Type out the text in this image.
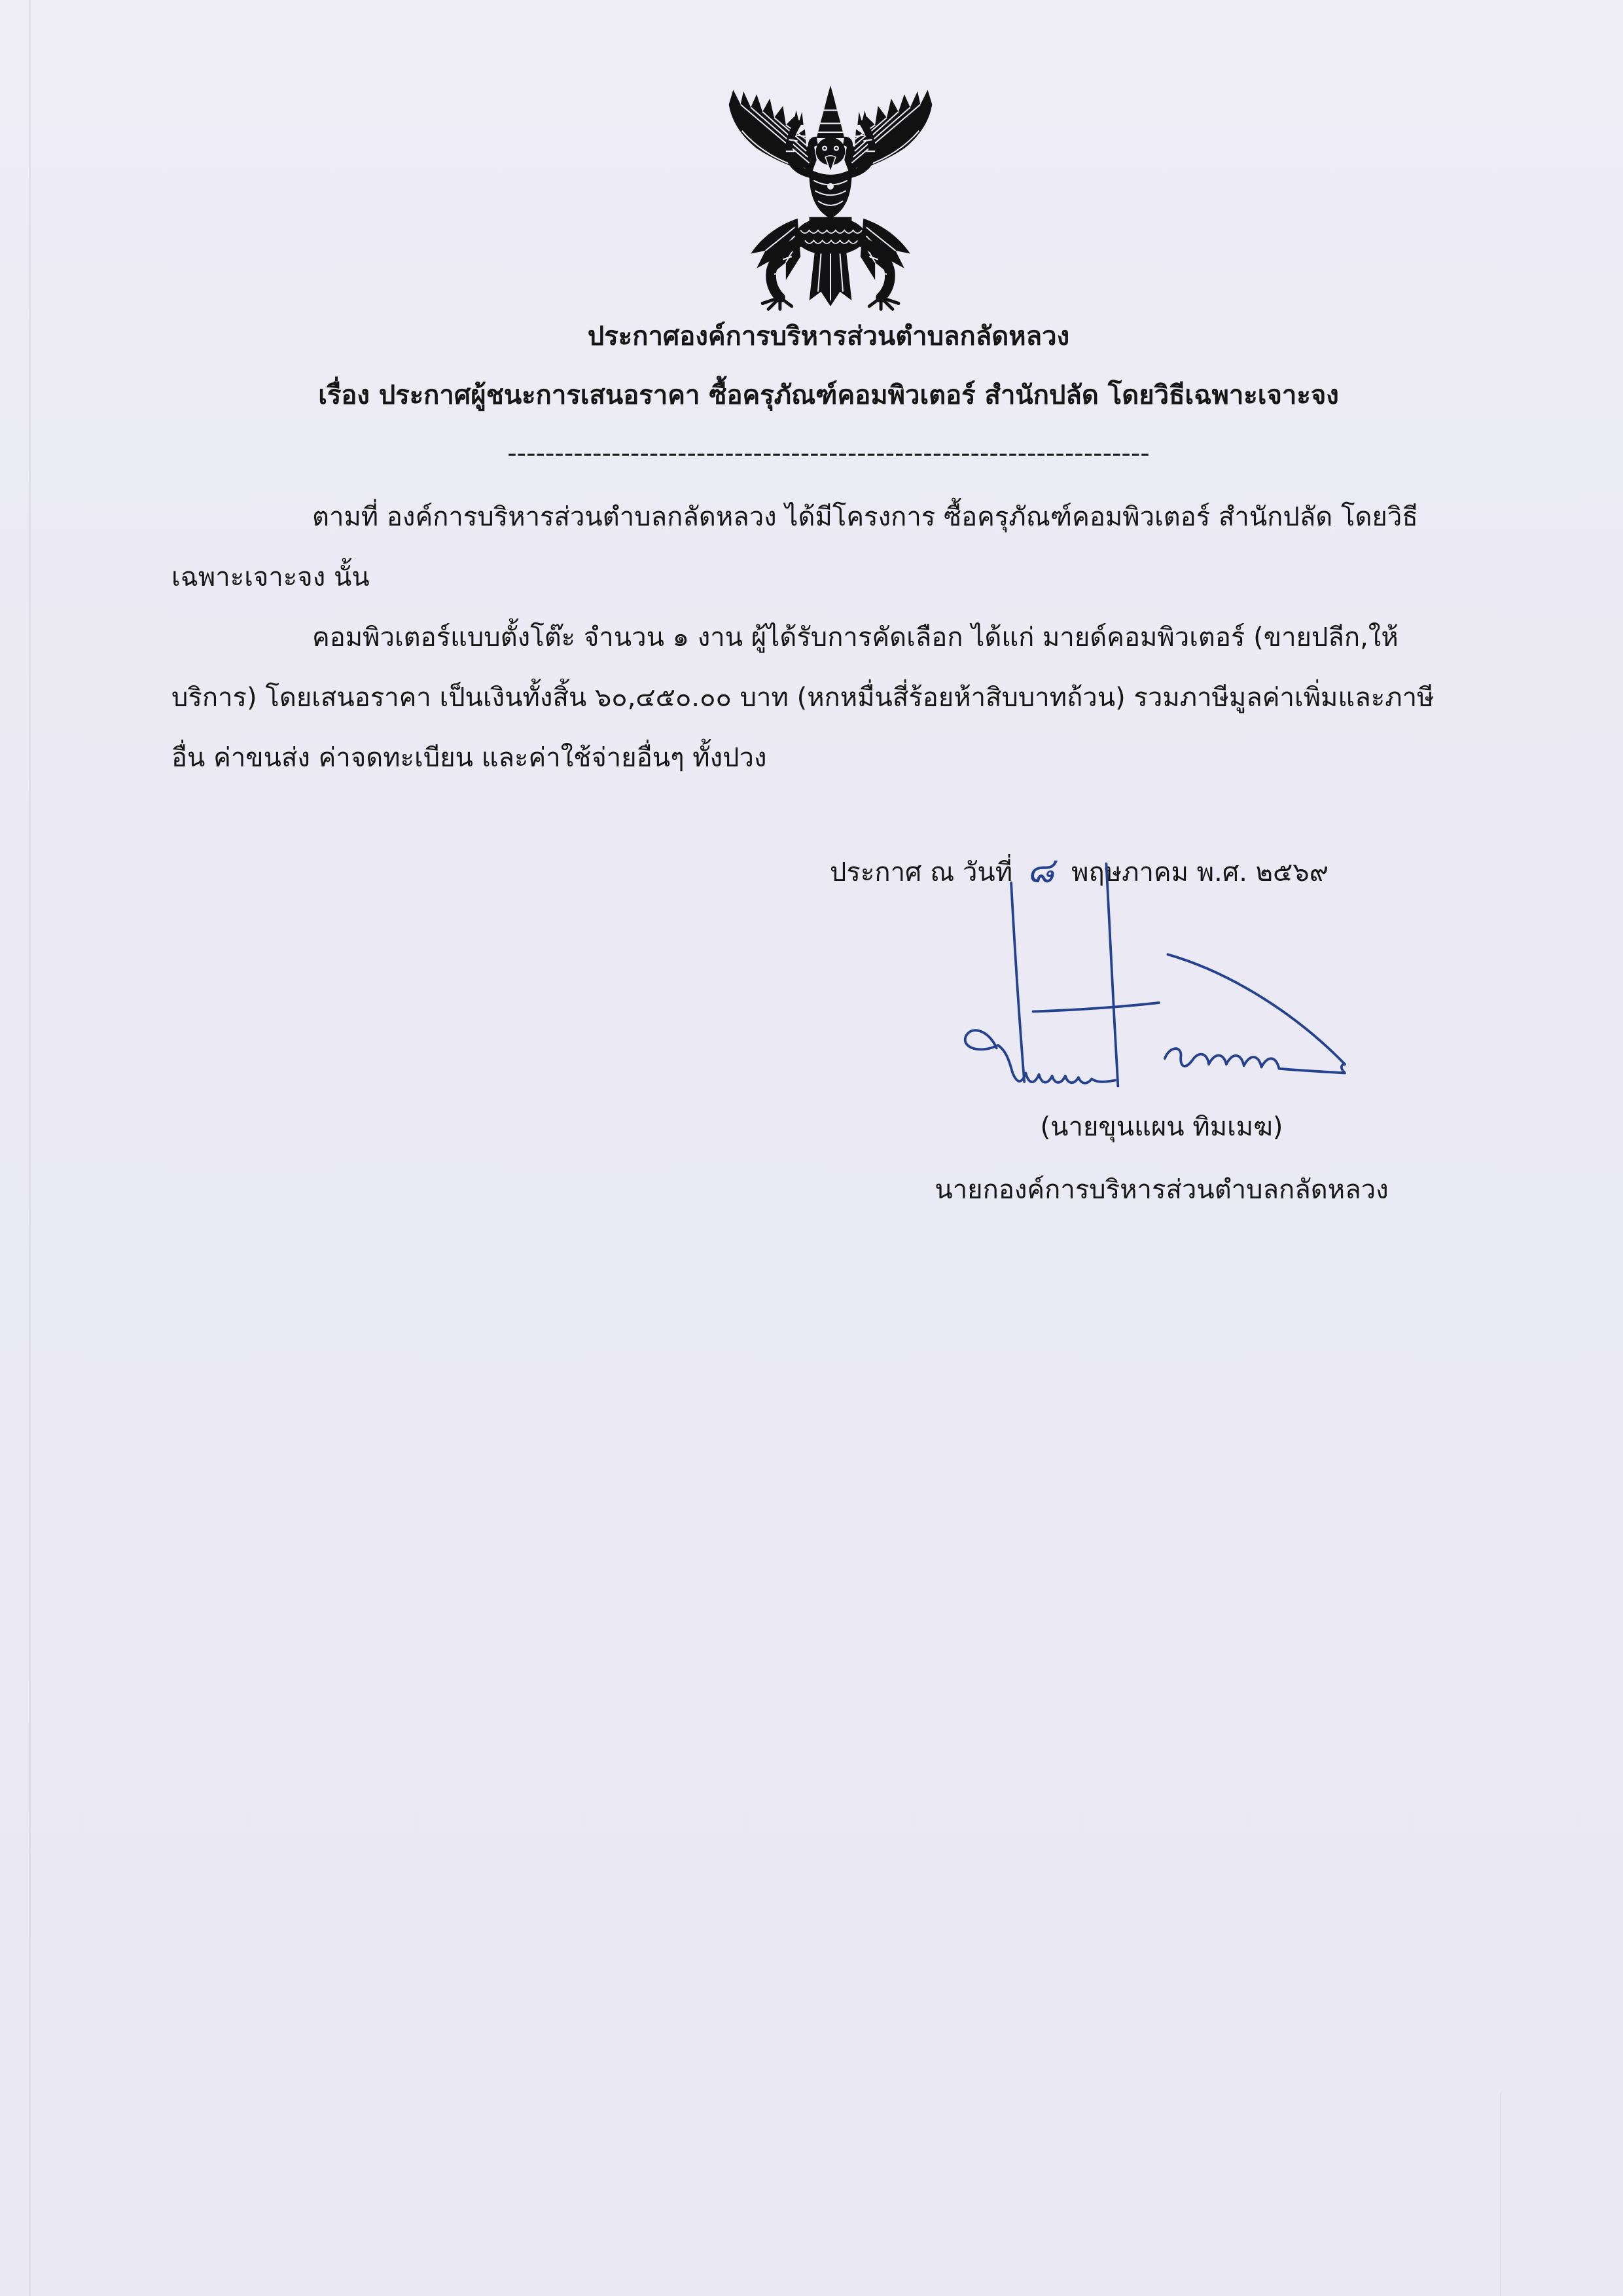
ประกาศองค์การบริหารส่วนตำบลกลัดหลวง
เรื่อง ประกาศผู้ชนะการเสนอราคา ซื้อครุภัณฑ์คอมพิวเตอร์ สำนักปลัด โดยวิธีเฉพาะเจาะจง
--------------------------------------------------------------------
ตามที่ องค์การบริหารส่วนตำบลกลัดหลวง ได้มีโครงการ ซื้อครุภัณฑ์คอมพิวเตอร์ สำนักปลัด โดยวิธี
เฉพาะเจาะจง นั้น
คอมพิวเตอร์แบบตั้งโต๊ะ จำนวน ๑ งาน ผู้ได้รับการคัดเลือก ได้แก่ มายด์คอมพิวเตอร์ (ขายปลีก,ให้
บริการ) โดยเสนอราคา เป็นเงินทั้งสิ้น ๖๐,๔๕๐.๐๐ บาท (หกหมื่นสี่ร้อยห้าสิบบาทถ้วน) รวมภาษีมูลค่าเพิ่มและภาษี
อื่น ค่าขนส่ง ค่าจดทะเบียน และค่าใช้จ่ายอื่นๆ ทั้งปวง
ประกาศ ณ วันที่ ๘ พฤษภาคม พ.ศ. ๒๕๖๙
(นายขุนแผน ทิมเมฆ)
นายกองค์การบริหารส่วนตำบลกลัดหลวง
